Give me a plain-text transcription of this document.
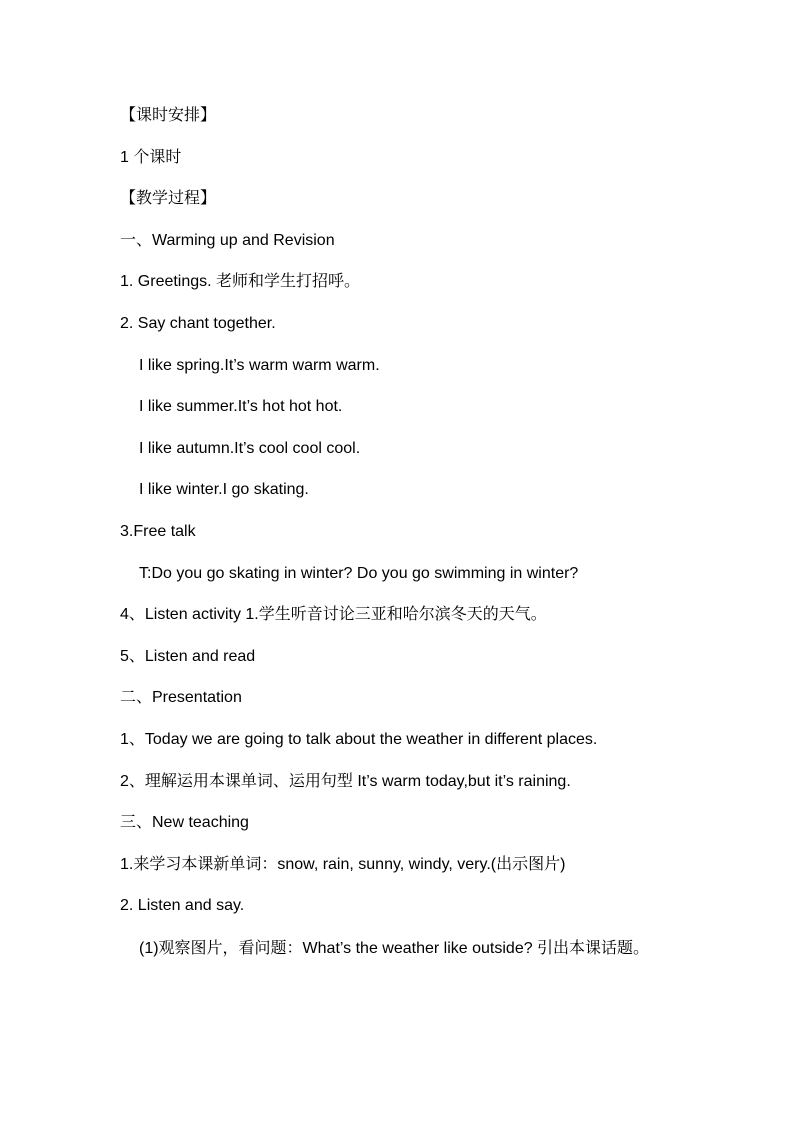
【课时安排】
1 个课时
【教学过程】
一、Warming up and Revision
1. Greetings. 老师和学生打招呼。
2. Say chant together.
I like spring.It’s warm warm warm.
I like summer.It’s hot hot hot.
I like autumn.It’s cool cool cool.
I like winter.I go skating.
3.Free talk
T:Do you go skating in winter? Do you go swimming in winter?
4、Listen activity 1.学生听音讨论三亚和哈尔滨冬天的天气。
5、Listen and read
二、Presentation
1、Today we are going to talk about the weather in different places.
2、理解运用本课单词、运用句型 It’s warm today,but it’s raining.
三、New teaching
1.来学习本课新单词：snow, rain, sunny, windy, very.(出示图片)
2. Listen and say.
(1)观察图片，看问题：What’s the weather like outside? 引出本课话题。
